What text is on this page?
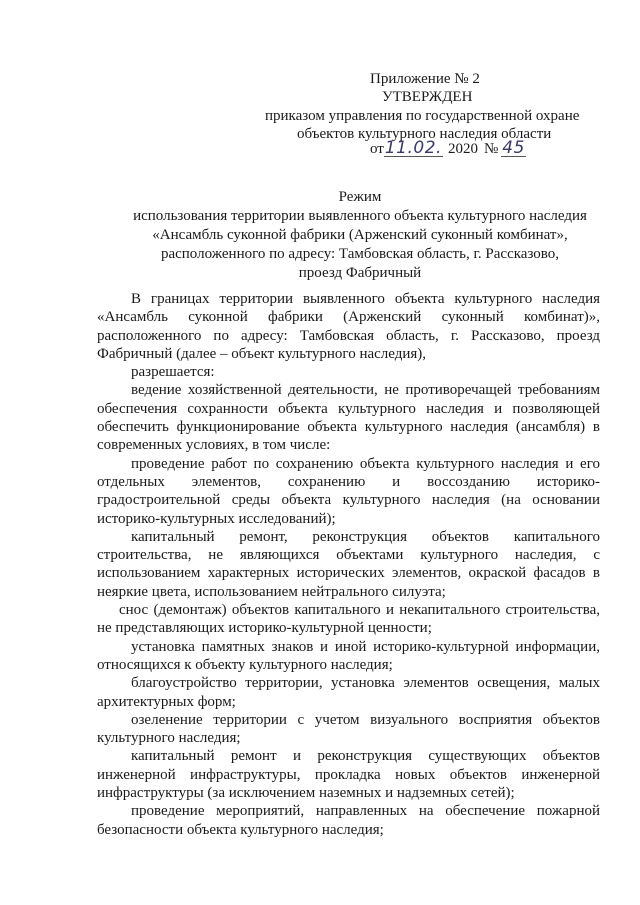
Приложение № 2
УТВЕРЖДЕН
приказом управления по государственной охране
объектов культурного наследия области
от 11.02. 2020 № 45
Режим
использования территории выявленного объекта культурного наследия
«Ансамбль суконной фабрики (Арженский суконный комбинат»,
расположенного по адресу: Тамбовская область, г. Рассказово,
проезд Фабричный

В границах территории выявленного объекта культурного наследия «Ансамбль суконной фабрики (Арженский суконный комбинат)», расположенного по адресу: Тамбовская область, г. Рассказово, проезд Фабричный (далее – объект культурного наследия),

разрешается:

ведение хозяйственной деятельности, не противоречащей требованиям обеспечения сохранности объекта культурного наследия и позволяющей обеспечить функционирование объекта культурного наследия (ансамбля) в современных условиях, в том числе:

проведение работ по сохранению объекта культурного наследия и его отдельных элементов, сохранению и воссозданию историко-градостроительной среды объекта культурного наследия (на основании историко-культурных исследований);

капитальный ремонт, реконструкция объектов капитального строительства, не являющихся объектами культурного наследия, с использованием характерных исторических элементов, окраской фасадов в неяркие цвета, использованием нейтрального силуэта;

снос (демонтаж) объектов капитального и некапитального строительства, не представляющих историко-культурной ценности;

установка памятных знаков и иной историко-культурной информации, относящихся к объекту культурного наследия;

благоустройство территории, установка элементов освещения, малых архитектурных форм;

озеленение территории с учетом визуального восприятия объектов культурного наследия;

капитальный ремонт и реконструкция существующих объектов инженерной инфраструктуры, прокладка новых объектов инженерной инфраструктуры (за исключением наземных и надземных сетей);

проведение мероприятий, направленных на обеспечение пожарной безопасности объекта культурного наследия;
